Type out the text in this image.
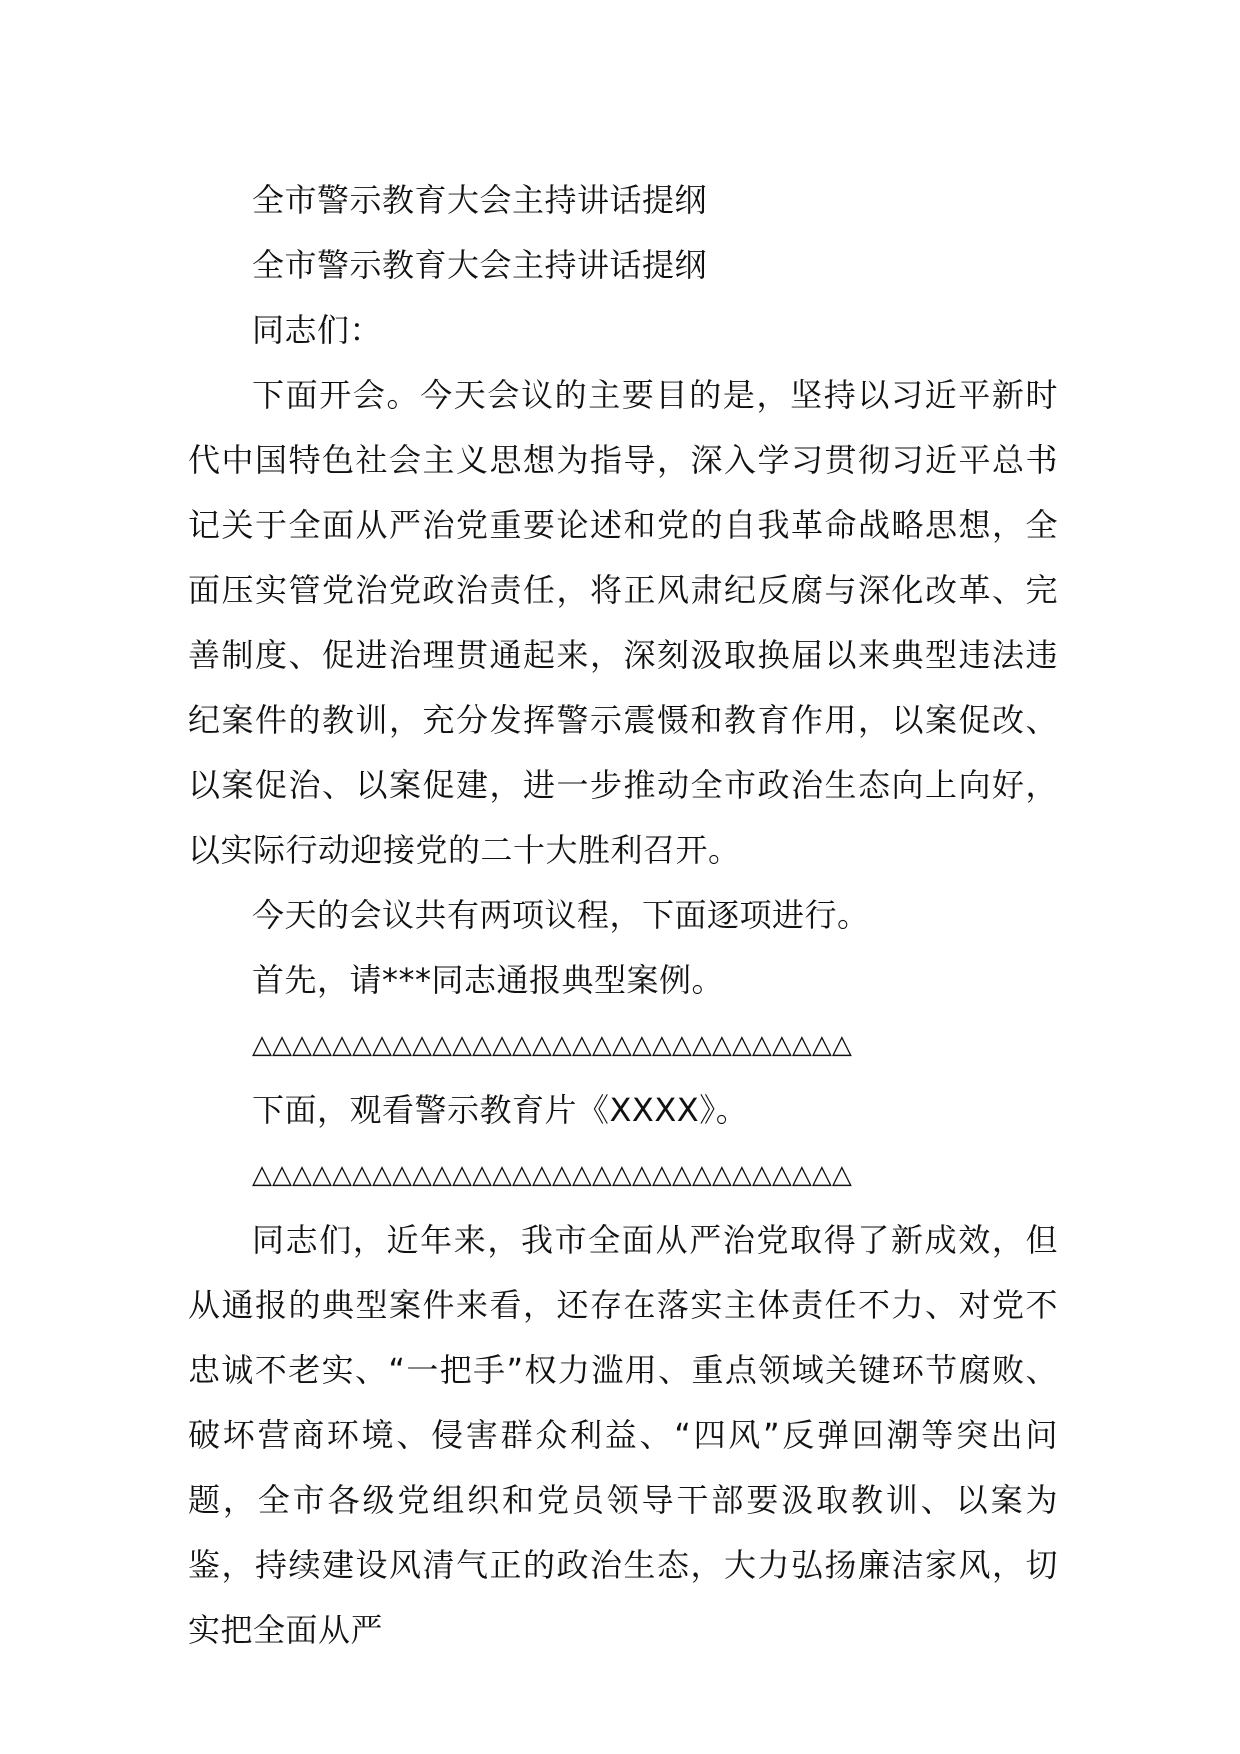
全市警示教育大会主持讲话提纲

全市警示教育大会主持讲话提纲

同志们：

下面开会。今天会议的主要目的是，坚持以习近平新时代中国特色社会主义思想为指导，深入学习贯彻习近平总书记关于全面从严治党重要论述和党的自我革命战略思想，全面压实管党治党政治责任，将正风肃纪反腐与深化改革、完善制度、促进治理贯通起来，深刻汲取换届以来典型违法违纪案件的教训，充分发挥警示震慑和教育作用，以案促改、以案促治、以案促建，进一步推动全市政治生态向上向好，以实际行动迎接党的二十大胜利召开。

今天的会议共有两项议程，下面逐项进行。

首先，请***同志通报典型案例。

△△△△△△△△△△△△△△△△△△△△△△△△△△△△△△

下面，观看警示教育片《XXXX》。

△△△△△△△△△△△△△△△△△△△△△△△△△△△△△△

同志们，近年来，我市全面从严治党取得了新成效，但从通报的典型案件来看，还存在落实主体责任不力、对党不忠诚不老实、“一把手”权力滥用、重点领域关键环节腐败、破坏营商环境、侵害群众利益、“四风”反弹回潮等突出问题，全市各级党组织和党员领导干部要汲取教训、以案为鉴，持续建设风清气正的政治生态，大力弘扬廉洁家风，切实把全面从严
